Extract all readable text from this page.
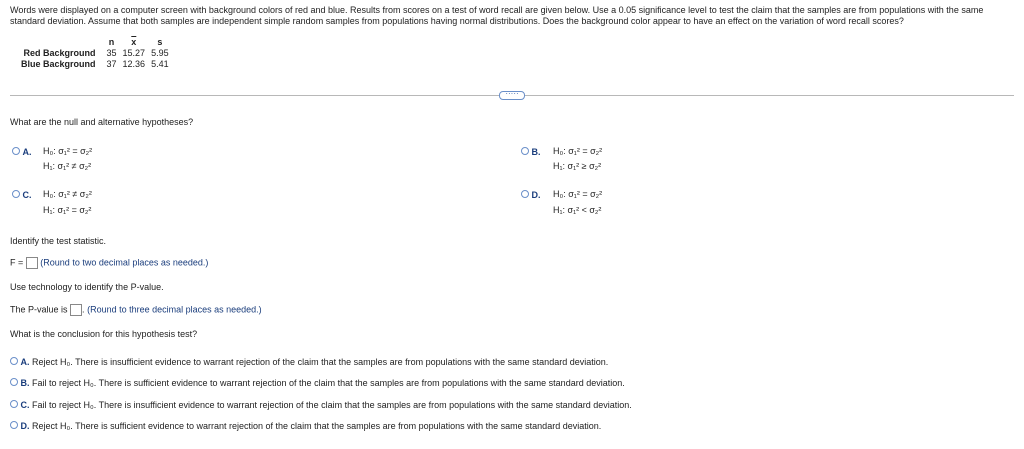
Words were displayed on a computer screen with background colors of red and blue. Results from scores on a test of word recall are given below. Use a 0.05 significance level to test the claim that the samples are from populations with the same standard deviation. Assume that both samples are independent simple random samples from populations having normal distributions. Does the background color appear to have an effect on the variation of word recall scores?
	n	$\overline{x}$	s
Red Background	35	15.27	5.95
Blue Background	37	12.36	5.41
·····
What are the null and alternative hypotheses?
A. H₀: σ₁² = σ₂²
H₁: σ₁² ≠ σ₂²
B. H₀: σ₁² = σ₂²
H₁: σ₁² ≥ σ₂²
C. H₀: σ₁² ≠ σ₂²
H₁: σ₁² = σ₂²
D. H₀: σ₁² = σ₂²
H₁: σ₁² < σ₂²
Identify the test statistic.
F = (Round to two decimal places as needed.)
Use technology to identify the P-value.
The P-value is . (Round to three decimal places as needed.)
What is the conclusion for this hypothesis test?
A. Reject H₀. There is insufficient evidence to warrant rejection of the claim that the samples are from populations with the same standard deviation.
B. Fail to reject H₀. There is sufficient evidence to warrant rejection of the claim that the samples are from populations with the same standard deviation.
C. Fail to reject H₀. There is insufficient evidence to warrant rejection of the claim that the samples are from populations with the same standard deviation.
D. Reject H₀. There is sufficient evidence to warrant rejection of the claim that the samples are from populations with the same standard deviation.
